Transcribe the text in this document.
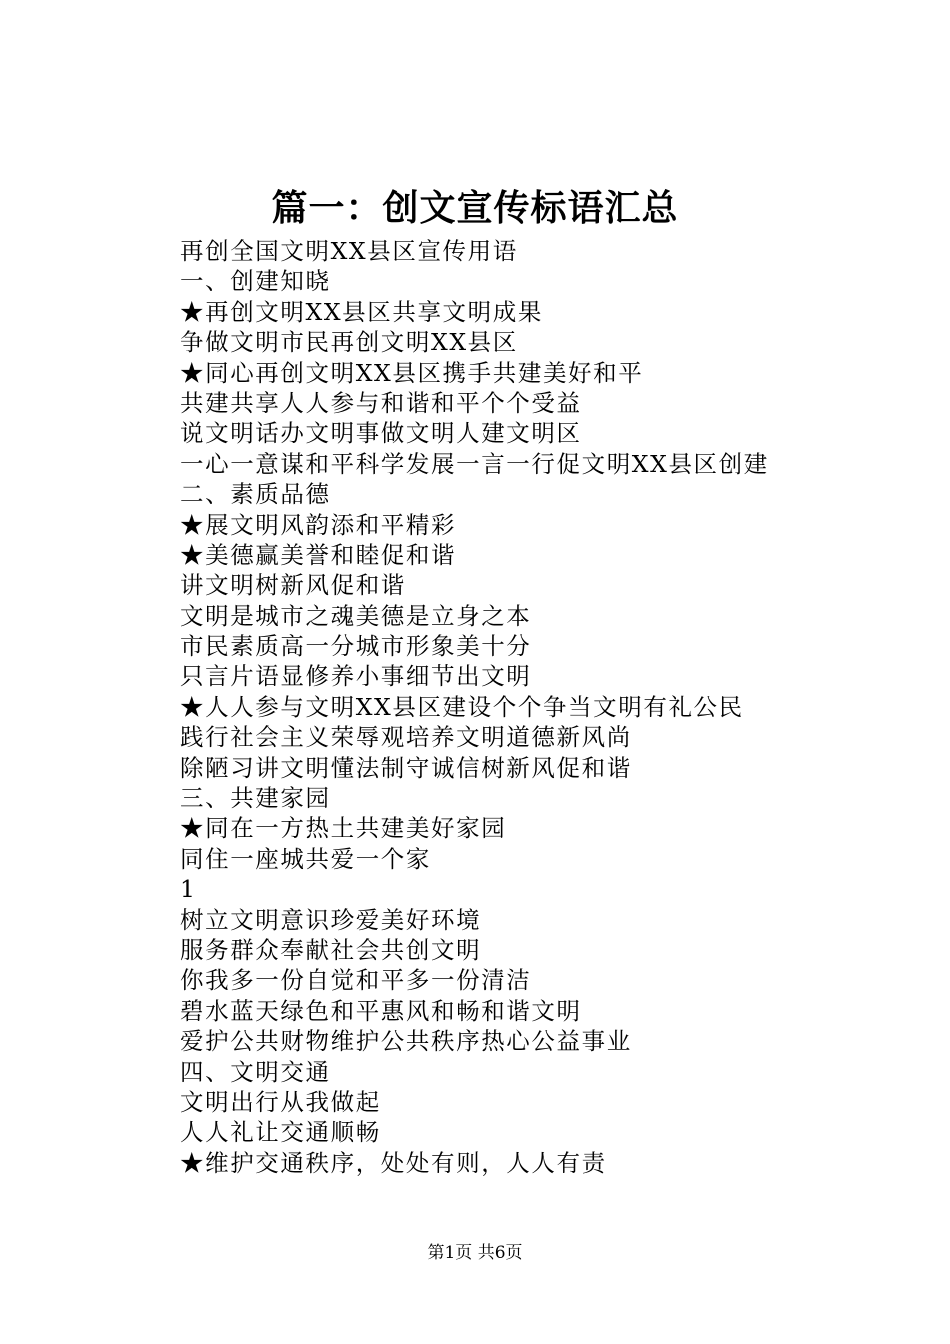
篇一：创文宣传标语汇总
再创全国文明XX县区宣传用语
一、创建知晓
★再创文明XX县区共享文明成果
争做文明市民再创文明XX县区
★同心再创文明XX县区携手共建美好和平
共建共享人人参与和谐和平个个受益
说文明话办文明事做文明人建文明区
一心一意谋和平科学发展一言一行促文明XX县区创建
二、素质品德
★展文明风韵添和平精彩
★美德赢美誉和睦促和谐
讲文明树新风促和谐
文明是城市之魂美德是立身之本
市民素质高一分城市形象美十分
只言片语显修养小事细节出文明
★人人参与文明XX县区建设个个争当文明有礼公民
践行社会主义荣辱观培养文明道德新风尚
除陋习讲文明懂法制守诚信树新风促和谐
三、共建家园
★同在一方热土共建美好家园
同住一座城共爱一个家
1
树立文明意识珍爱美好环境
服务群众奉献社会共创文明
你我多一份自觉和平多一份清洁
碧水蓝天绿色和平惠风和畅和谐文明
爱护公共财物维护公共秩序热心公益事业
四、文明交通
文明出行从我做起
人人礼让交通顺畅
★维护交通秩序，处处有则，人人有责
第1页 共6页
